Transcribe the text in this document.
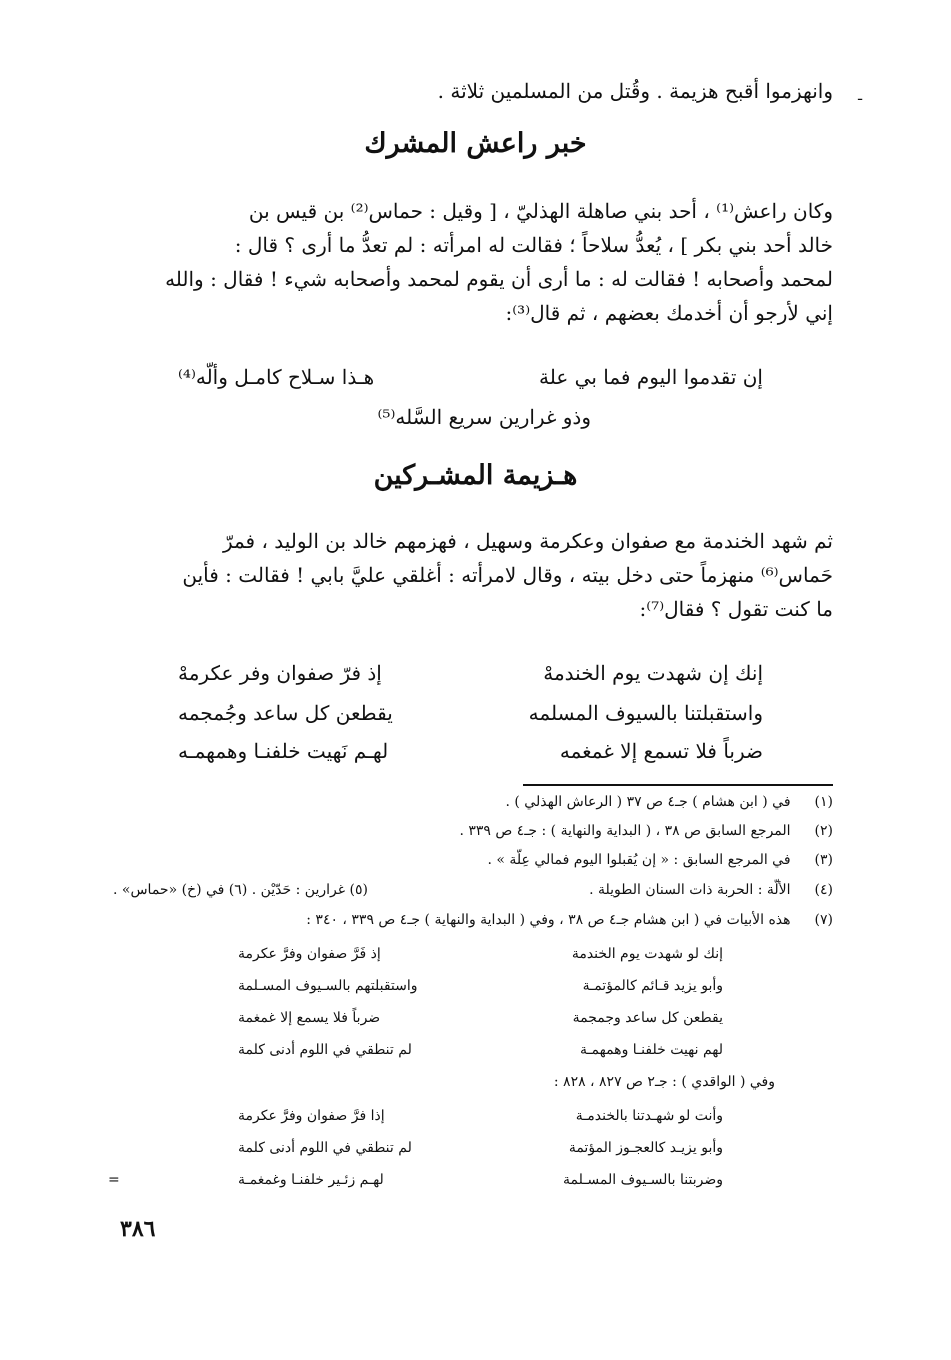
ـ
وانهزموا أقبح هزيمة . وقُتل من المسلمين ثلاثة .
خبر راعش المشرك

وكان راعش⁽¹⁾ ، أحد بني صاهلة الهذليّ ، [ وقيل : حماس⁽²⁾ بن قيس بن

خالد أحد بني بكر ] ، يُعدُّ سلاحاً ؛ فقالت له امرأته : لم تعدُّ ما أرى ؟ قال :

لمحمد وأصحابه ! فقالت له : ما أرى أن يقوم لمحمد وأصحابه شيء ! فقال : والله

إني لأرجو أن أخدمك بعضهم ، ثم قال⁽³⁾:

إن تقدموا اليوم فما بي علة
هـذا سـلاح كامـل وألّه⁽⁴⁾
وذو غرارين سريع السَّله⁽⁵⁾
هـزيمة المشـركين

ثم شهد الخندمة مع صفوان وعكرمة وسهيل ، فهزمهم خالد بن الوليد ، فمرّ

حَماس⁽⁶⁾ منهزماً حتى دخل بيته ، وقال لامرأته : أغلقي عليَّ بابي ! فقالت : فأين

ما كنت تقول ؟ فقال⁽⁷⁾:

إنك إن شهدت يوم الخندمهْ
إذ فرّ صفوان وفر عكرمهْ
واستقبلتنا بالسيوف المسلمه
يقطعن كل ساعد وجُمجمه
ضرباً فلا تسمع إلا غمغمه
لهـم نَهيت خلفنـا وهمهمـه
(١) في ( ابن هشام ) جـ٤ ص ٣٧ ( الرعاش الهذلي ) .
(٢) المرجع السابق ص ٣٨ ، ( البداية والنهاية ) : جـ٤ ص ٣٣٩ .
(٣) في المرجع السابق : « إن يُقبلوا اليوم فمالي عِلّة » .
(٤) الألّة : الحربة ذات السنان الطويلة .
(٥) غرارين : حَدّيْن . (٦) في (خ) «حماس» .
(٧) هذه الأبيات في ( ابن هشام جـ٤ ص ٣٨ ، وفي ( البداية والنهاية ) جـ٤ ص ٣٣٩ ، ٣٤٠ :
إنك لو شهدت يوم الخندمة
إذ فَرَّ صفوان وفرَّ عكرمة
وأبو يزيد قـائم كالمؤتمـة
واستقبلتهم بالسـيوف المسـلمة
يقطعن كل ساعد وجمجمة
ضرباً فلا يسمع إلا غمغمة
لهم نهيت خلفنـا وهمهمـة
لم تنطقي في اللوم أدنى كلمة
وفي ( الواقدي ) : جـ٢ ص ٨٢٧ ، ٨٢٨ :
وأنت لو شهـدتنا بالخندمـة
إذا فرَّ صفوان وفرَّ عكرمة
وأبو يزيـد كالعجـوز المؤتمة
لم تنطقي في اللوم أدنى كلمة
وضربتنا بالسـيوف المسـلمة
لهـم زئـير خلفنـا وغمغمـة
=
٣٨٦
